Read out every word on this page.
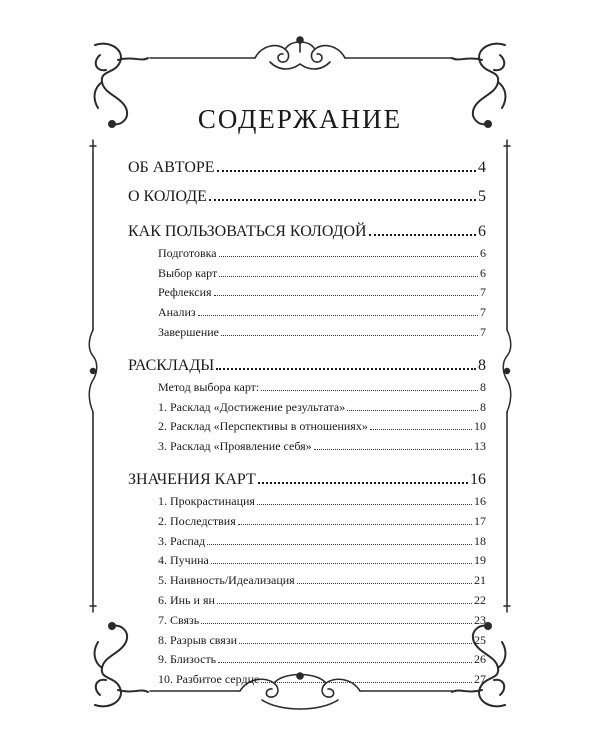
СОДЕРЖАНИЕ
ОБ АВТОРЕ	4
О КОЛОДЕ	5
КАК ПОЛЬЗОВАТЬСЯ КОЛОДОЙ	6
Подготовка	6
Выбор карт	6
Рефлексия	7
Анализ	7
Завершение	7
РАСКЛАДЫ	8
Метод выбора карт:	8
1. Расклад «Достижение результата»	8
2. Расклад «Перспективы в отношениях»	10
3. Расклад «Проявление себя»	13
ЗНАЧЕНИЯ КАРТ	16
1. Прокрастинация	16
2. Последствия	17
3. Распад	18
4. Пучина	19
5. Наивность/Идеализация	21
6. Инь и ян	22
7. Связь	23
8. Разрыв связи	25
9. Близость	26
10. Разбитое сердце	27
